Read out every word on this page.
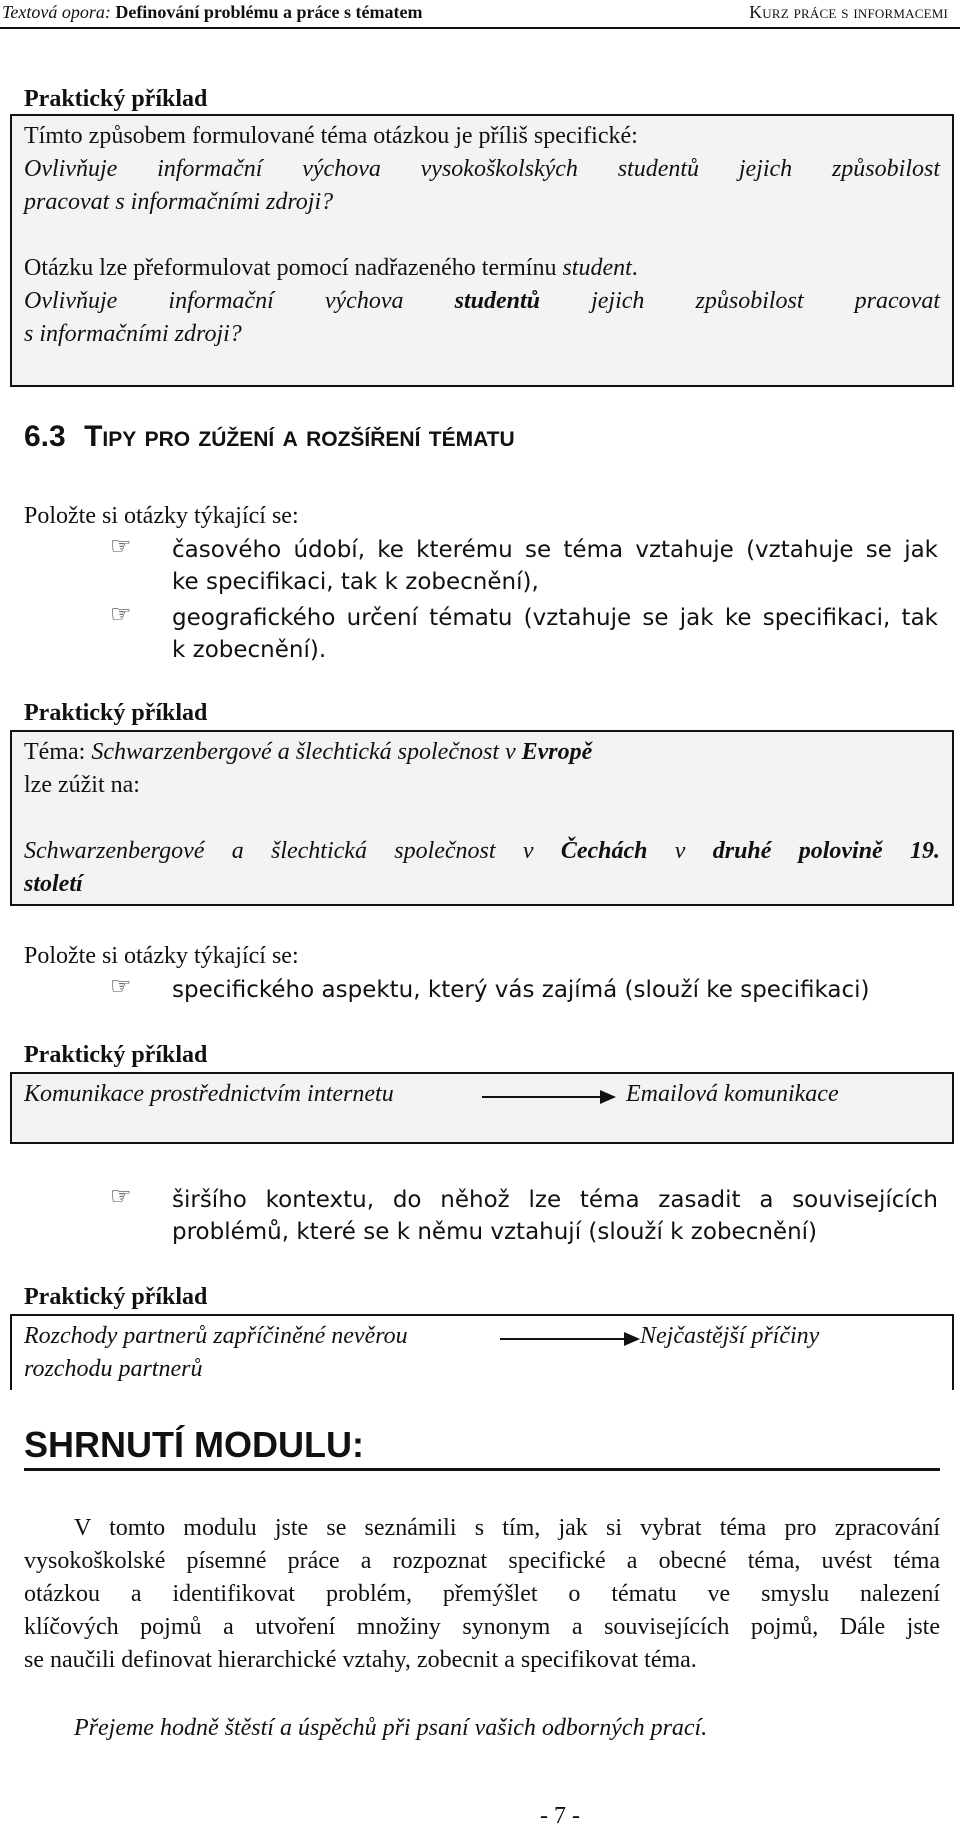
Textová opora: Definování problému a práce s tématem	Kurz práce s informacemi
Praktický příklad
Tímto způsobem formulované téma otázkou je příliš specifické:
Ovlivňuje informační výchova vysokoškolských studentů jejich způsobilost
pracovat s informačními zdroji?
Otázku lze přeformulovat pomocí nadřazeného termínu student.
Ovlivňuje informační výchova studentů jejich způsobilost pracovat
s informačními zdroji?
6.3 Tipy pro zúžení a rozšíření tématu
Položte si otázky týkající se:
☞ časového údobí, ke kterému se téma vztahuje (vztahuje se jak
ke specifikaci, tak k zobecnění),
☞ geografického určení tématu (vztahuje se jak ke specifikaci, tak
k zobecnění).
Praktický příklad
Téma: Schwarzenbergové a šlechtická společnost v Evropě
lze zúžit na:
Schwarzenbergové a šlechtická společnost v Čechách v druhé polovině 19.
století
Položte si otázky týkající se:
☞ specifického aspektu, který vás zajímá (slouží ke specifikaci)
Praktický příklad
Komunikace prostřednictvím internetu	Emailová komunikace
☞ širšího kontextu, do něhož lze téma zasadit a souvisejících
problémů, které se k němu vztahují (slouží k zobecnění)
Praktický příklad
Rozchody partnerů zapříčiněné nevěrou	Nejčastější příčiny
rozchodu partnerů
SHRNUTÍ MODULU:
V tomto modulu jste se seznámili s tím, jak si vybrat téma pro zpracování
vysokoškolské písemné práce a rozpoznat specifické a obecné téma, uvést téma
otázkou a identifikovat problém, přemýšlet o tématu ve smyslu nalezení
klíčových pojmů a utvoření množiny synonym a souvisejících pojmů, Dále jste
se naučili definovat hierarchické vztahy, zobecnit a specifikovat téma.
Přejeme hodně štěstí a úspěchů při psaní vašich odborných prací.
- 7 -
